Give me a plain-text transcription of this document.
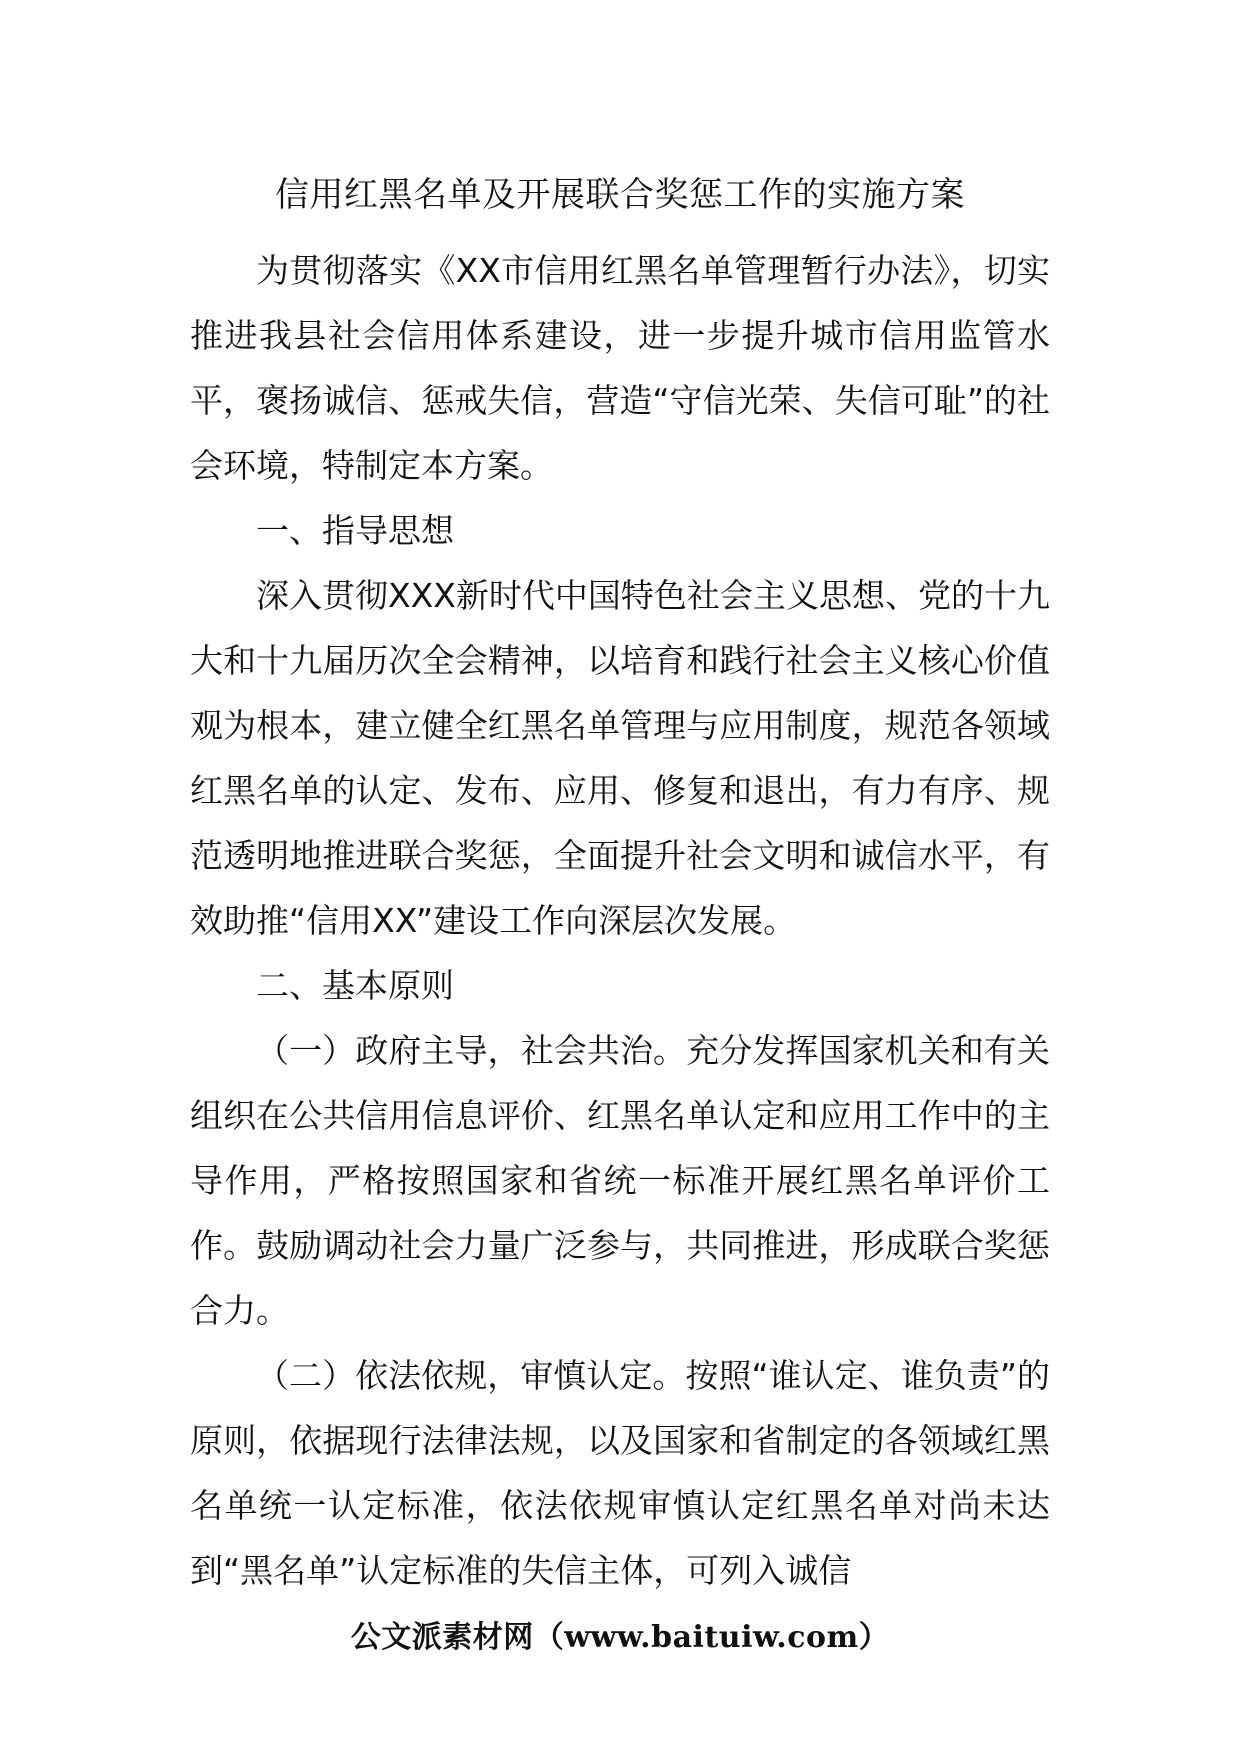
信用红黑名单及开展联合奖惩工作的实施方案

为贯彻落实《XX市信用红黑名单管理暂行办法》，切实推进我县社会信用体系建设，进一步提升城市信用监管水平，褒扬诚信、惩戒失信，营造“守信光荣、失信可耻”的社会环境，特制定本方案。

一、指导思想

深入贯彻XXX新时代中国特色社会主义思想、党的十九大和十九届历次全会精神，以培育和践行社会主义核心价值观为根本，建立健全红黑名单管理与应用制度，规范各领域红黑名单的认定、发布、应用、修复和退出，有力有序、规范透明地推进联合奖惩，全面提升社会文明和诚信水平，有效助推“信用XX”建设工作向深层次发展。

二、基本原则

（一）政府主导，社会共治。充分发挥国家机关和有关组织在公共信用信息评价、红黑名单认定和应用工作中的主导作用，严格按照国家和省统一标准开展红黑名单评价工作。鼓励调动社会力量广泛参与，共同推进，形成联合奖惩合力。

（二）依法依规，审慎认定。按照“谁认定、谁负责”的原则，依据现行法律法规，以及国家和省制定的各领域红黑名单统一认定标准，依法依规审慎认定红黑名单对尚未达到“黑名单”认定标准的失信主体，可列入诚信

公文派素材网（www.baituiw.com）
